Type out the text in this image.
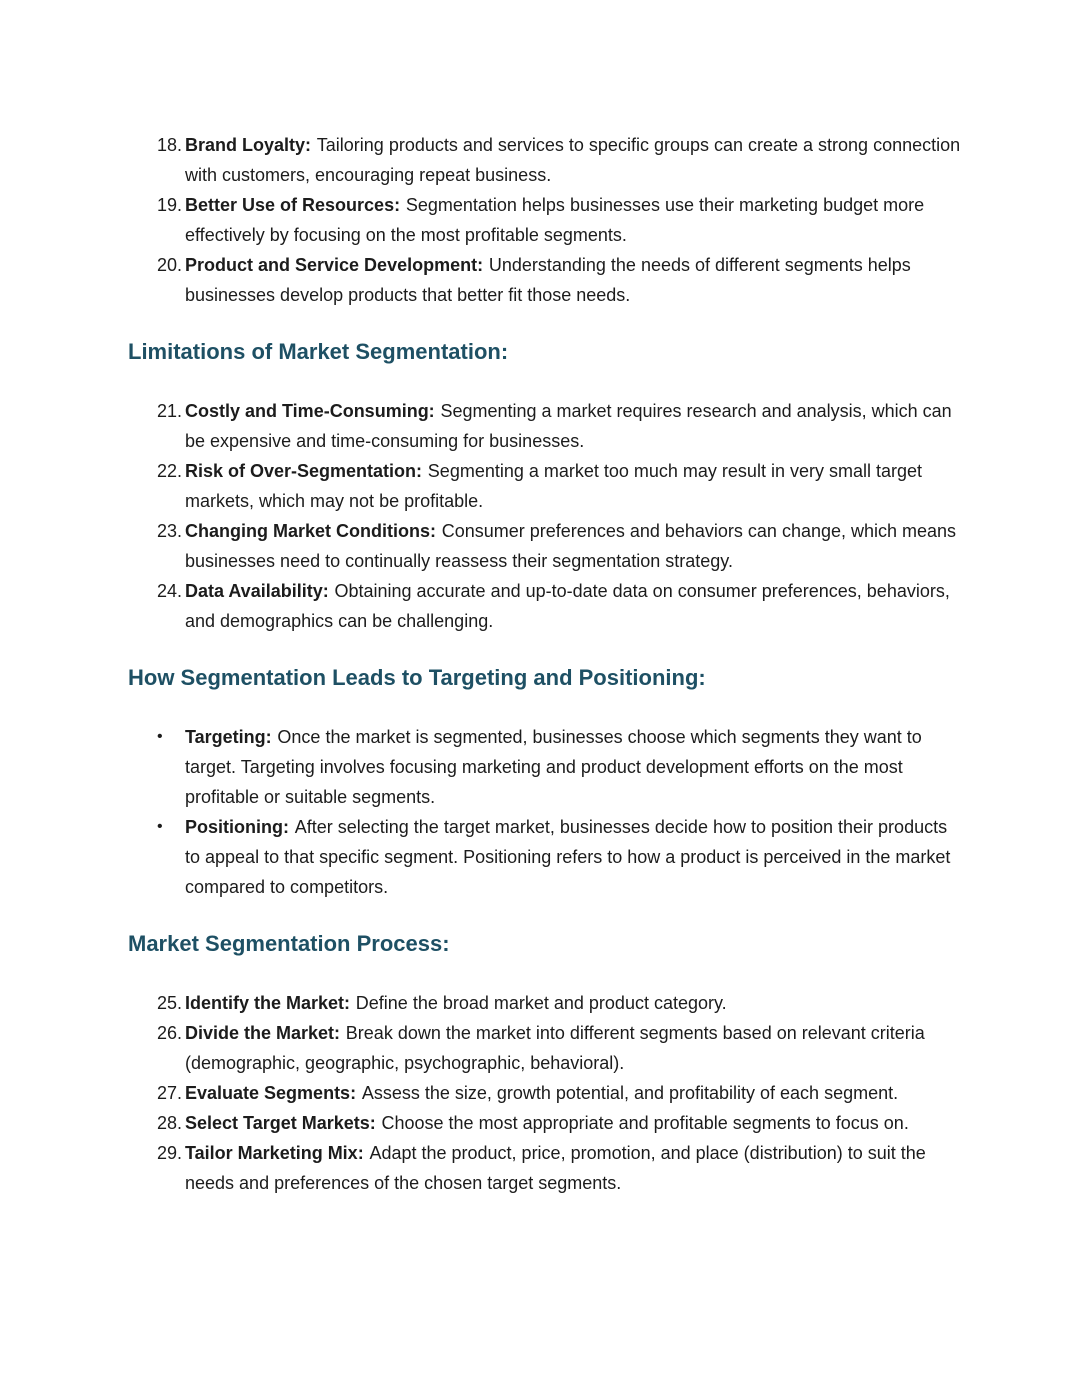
18. Brand Loyalty: Tailoring products and services to specific groups can create a strong connection with customers, encouraging repeat business.

19. Better Use of Resources: Segmentation helps businesses use their marketing budget more effectively by focusing on the most profitable segments.

20. Product and Service Development: Understanding the needs of different segments helps businesses develop products that better fit those needs.

Limitations of Market Segmentation:
21. Costly and Time-Consuming: Segmenting a market requires research and analysis, which can be expensive and time-consuming for businesses.

22. Risk of Over-Segmentation: Segmenting a market too much may result in very small target markets, which may not be profitable.

23. Changing Market Conditions: Consumer preferences and behaviors can change, which means businesses need to continually reassess their segmentation strategy.

24. Data Availability: Obtaining accurate and up-to-date data on consumer preferences, behaviors, and demographics can be challenging.

How Segmentation Leads to Targeting and Positioning:
•	Targeting: Once the market is segmented, businesses choose which segments they want to target. Targeting involves focusing marketing and product development efforts on the most profitable or suitable segments.

•	Positioning: After selecting the target market, businesses decide how to position their products to appeal to that specific segment. Positioning refers to how a product is perceived in the market compared to competitors.

Market Segmentation Process:
25. Identify the Market: Define the broad market and product category.

26. Divide the Market: Break down the market into different segments based on relevant criteria (demographic, geographic, psychographic, behavioral).

27. Evaluate Segments: Assess the size, growth potential, and profitability of each segment.

28. Select Target Markets: Choose the most appropriate and profitable segments to focus on.

29. Tailor Marketing Mix: Adapt the product, price, promotion, and place (distribution) to suit the needs and preferences of the chosen target segments.
